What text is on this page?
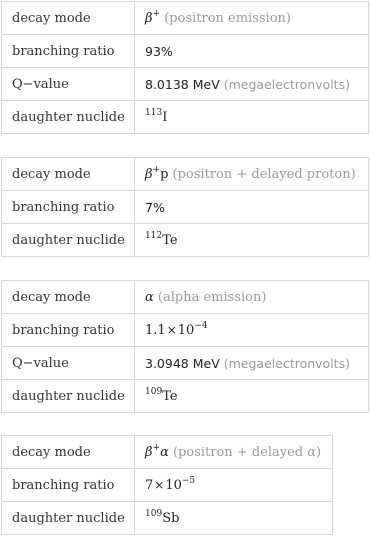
decay mode	β+ (positron emission)
branching ratio	93%
Q−value	8.0138 MeV (megaelectronvolts)
daughter nuclide	$^{113}$I
decay mode	β+p (positron + delayed proton)
branching ratio	7%
daughter nuclide	$^{112}$Te
decay mode	α (alpha emission)
branching ratio	$1.1\times 10^{-4}$
Q−value	3.0948 MeV (megaelectronvolts)
daughter nuclide	$^{109}$Te
decay mode	β+α (positron + delayed α)
branching ratio	$7\times 10^{-5}$
daughter nuclide	$^{109}$Sb
